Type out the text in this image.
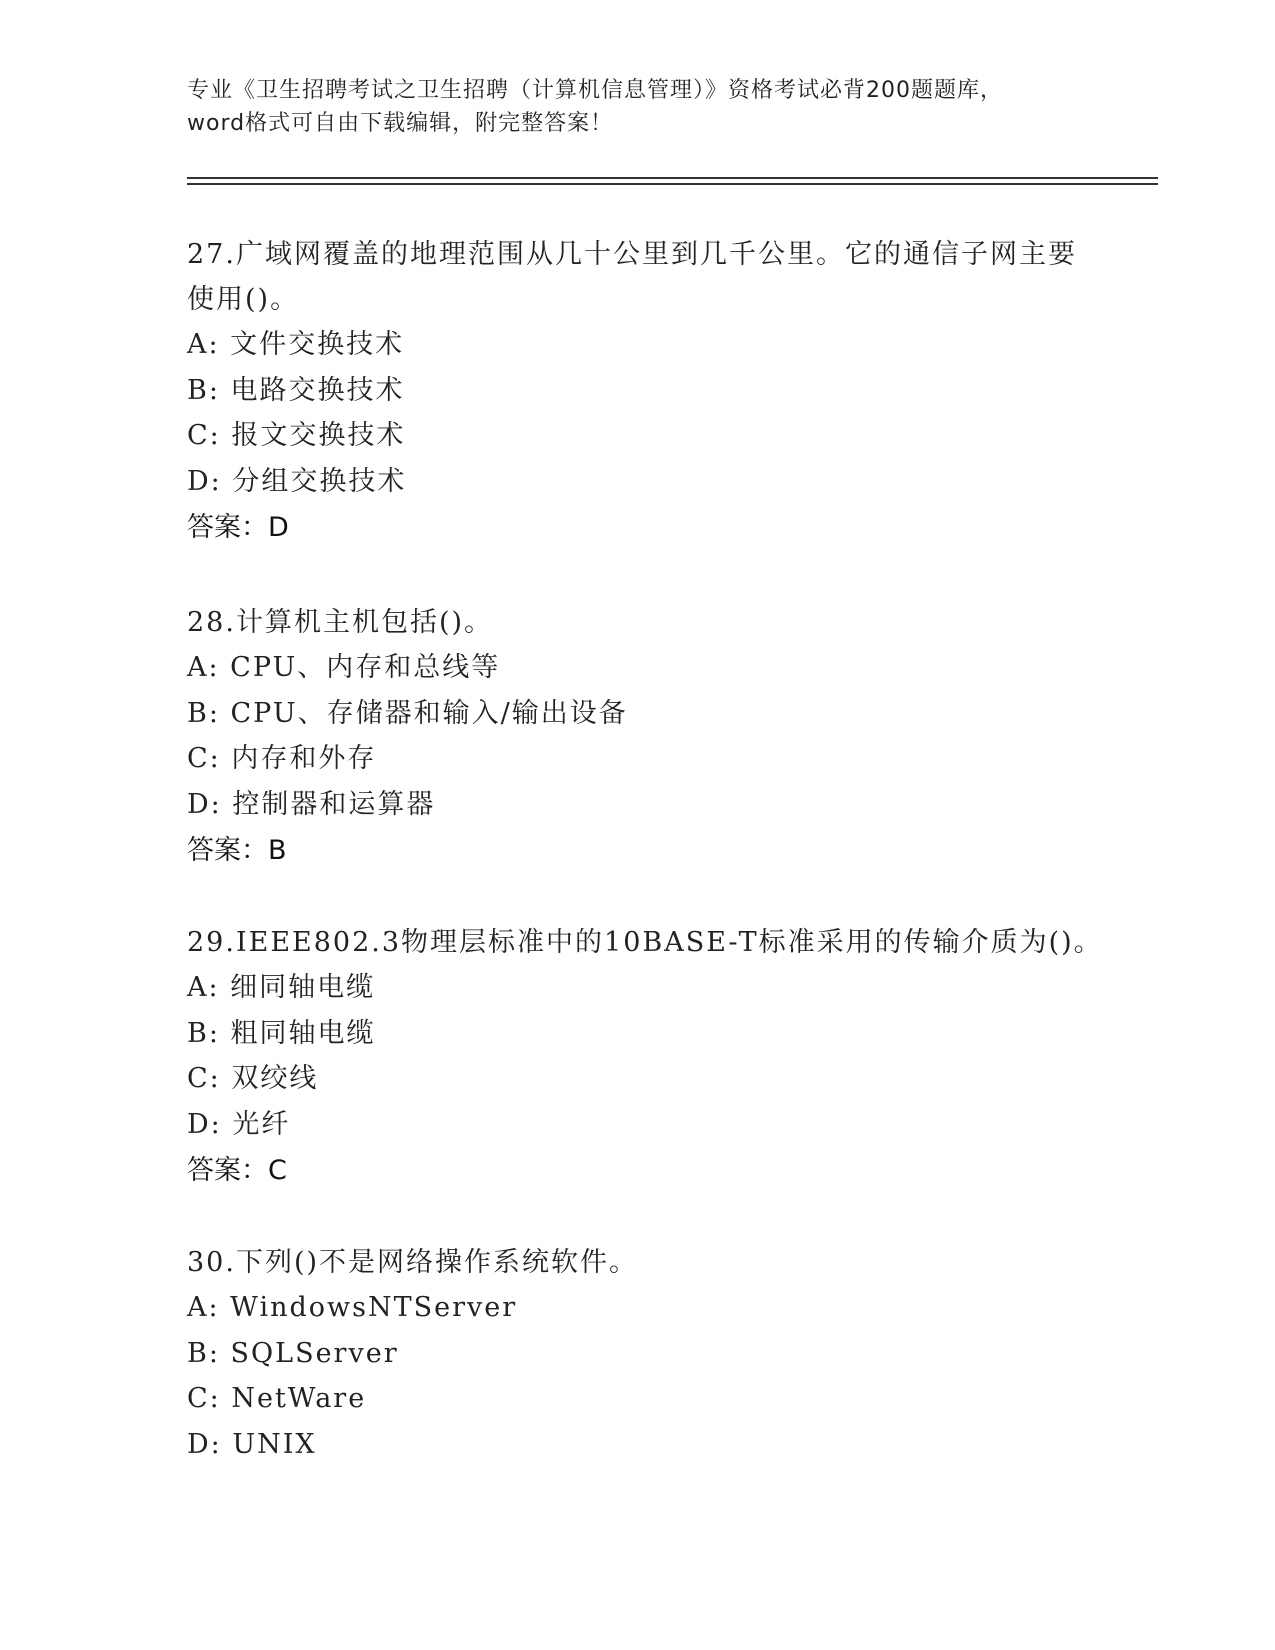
专业《卫生招聘考试之卫生招聘（计算机信息管理）》资格考试必背200题题库，
word格式可自由下载编辑，附完整答案！
27.广域网覆盖的地理范围从几十公里到几千公里。它的通信子网主要
使用()。
A: 文件交换技术
B: 电路交换技术
C: 报文交换技术
D: 分组交换技术
答案：D
28.计算机主机包括()。
A: CPU、内存和总线等
B: CPU、存储器和输入/输出设备
C: 内存和外存
D: 控制器和运算器
答案：B
29.IEEE802.3物理层标准中的10BASE-T标准采用的传输介质为()。
A: 细同轴电缆
B: 粗同轴电缆
C: 双绞线
D: 光纤
答案：C
30.下列()不是网络操作系统软件。
A: WindowsNTServer
B: SQLServer
C: NetWare
D: UNIX
